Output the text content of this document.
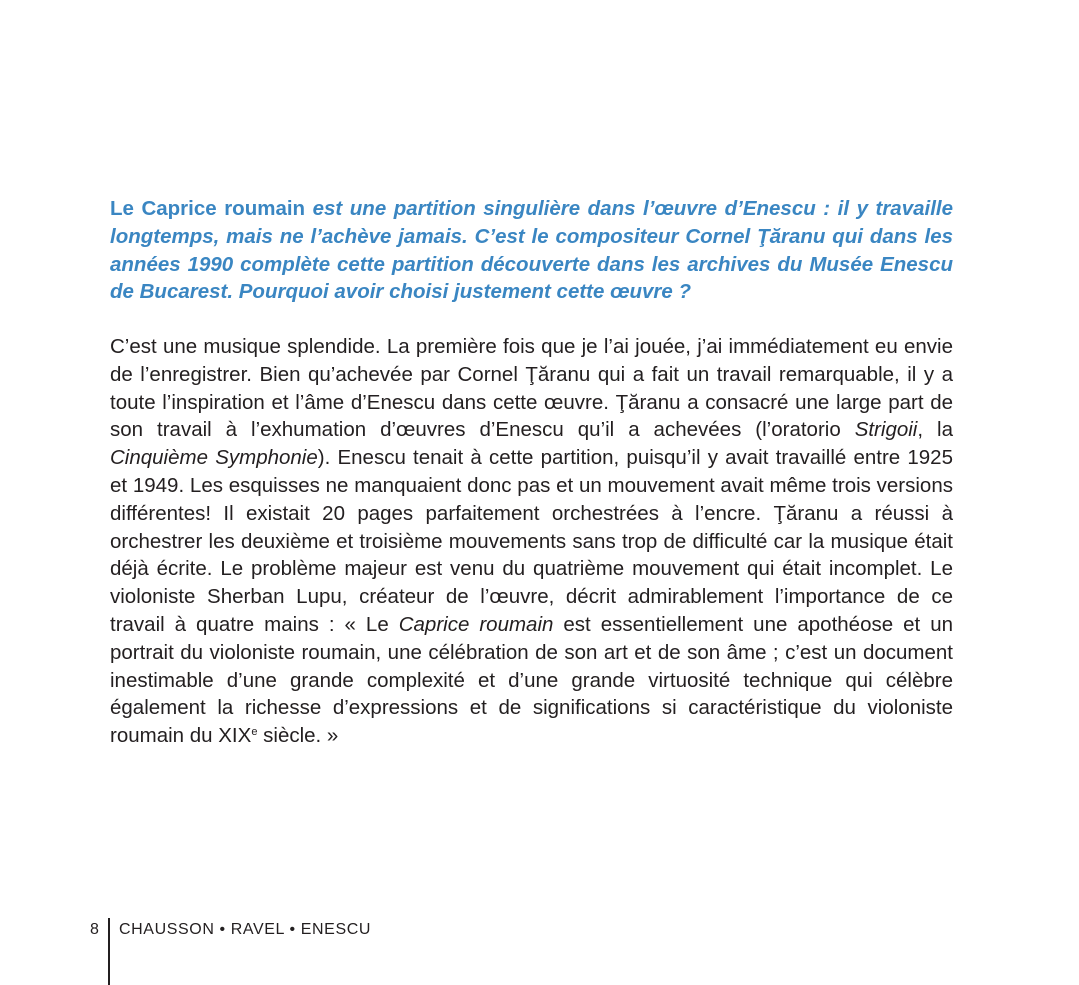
Le Caprice roumain est une partition singulière dans l’œuvre d’Enescu : il y travaille longtemps, mais ne l’achève jamais. C’est le compositeur Cornel Ţăranu qui dans les années 1990 complète cette partition découverte dans les archives du Musée Enescu de Bucarest. Pourquoi avoir choisi justement cette œuvre ?

C’est une musique splendide. La première fois que je l’ai jouée, j’ai immédiatement eu envie de l’enregistrer. Bien qu’achevée par Cornel Ţăranu qui a fait un travail remarquable, il y a toute l’inspiration et l’âme d’Enescu dans cette œuvre. Ţăranu a consacré une large part de son travail à l’exhumation d’œuvres d’Enescu qu’il a achevées (l’oratorio Strigoii, la Cinquième Symphonie). Enescu tenait à cette partition, puisqu’il y avait travaillé entre 1925 et 1949. Les esquisses ne manquaient donc pas et un mouvement avait même trois versions différentes! Il existait 20 pages parfaitement orchestrées à l’encre. Ţăranu a réussi à orchestrer les deuxième et troisième mouvements sans trop de difficulté car la musique était déjà écrite. Le problème majeur est venu du quatrième mouvement qui était incomplet. Le violoniste Sherban Lupu, créateur de l’œuvre, décrit admirablement l’importance de ce travail à quatre mains : « Le Caprice roumain est essentiellement une apothéose et un portrait du violoniste roumain, une célébration de son art et de son âme ; c’est un document inestimable d’une grande complexité et d’une grande virtuosité technique qui célèbre également la richesse d’expressions et de significations si caractéristique du violoniste roumain du XIXe siècle. »

8 CHAUSSON • RAVEL • ENESCU
